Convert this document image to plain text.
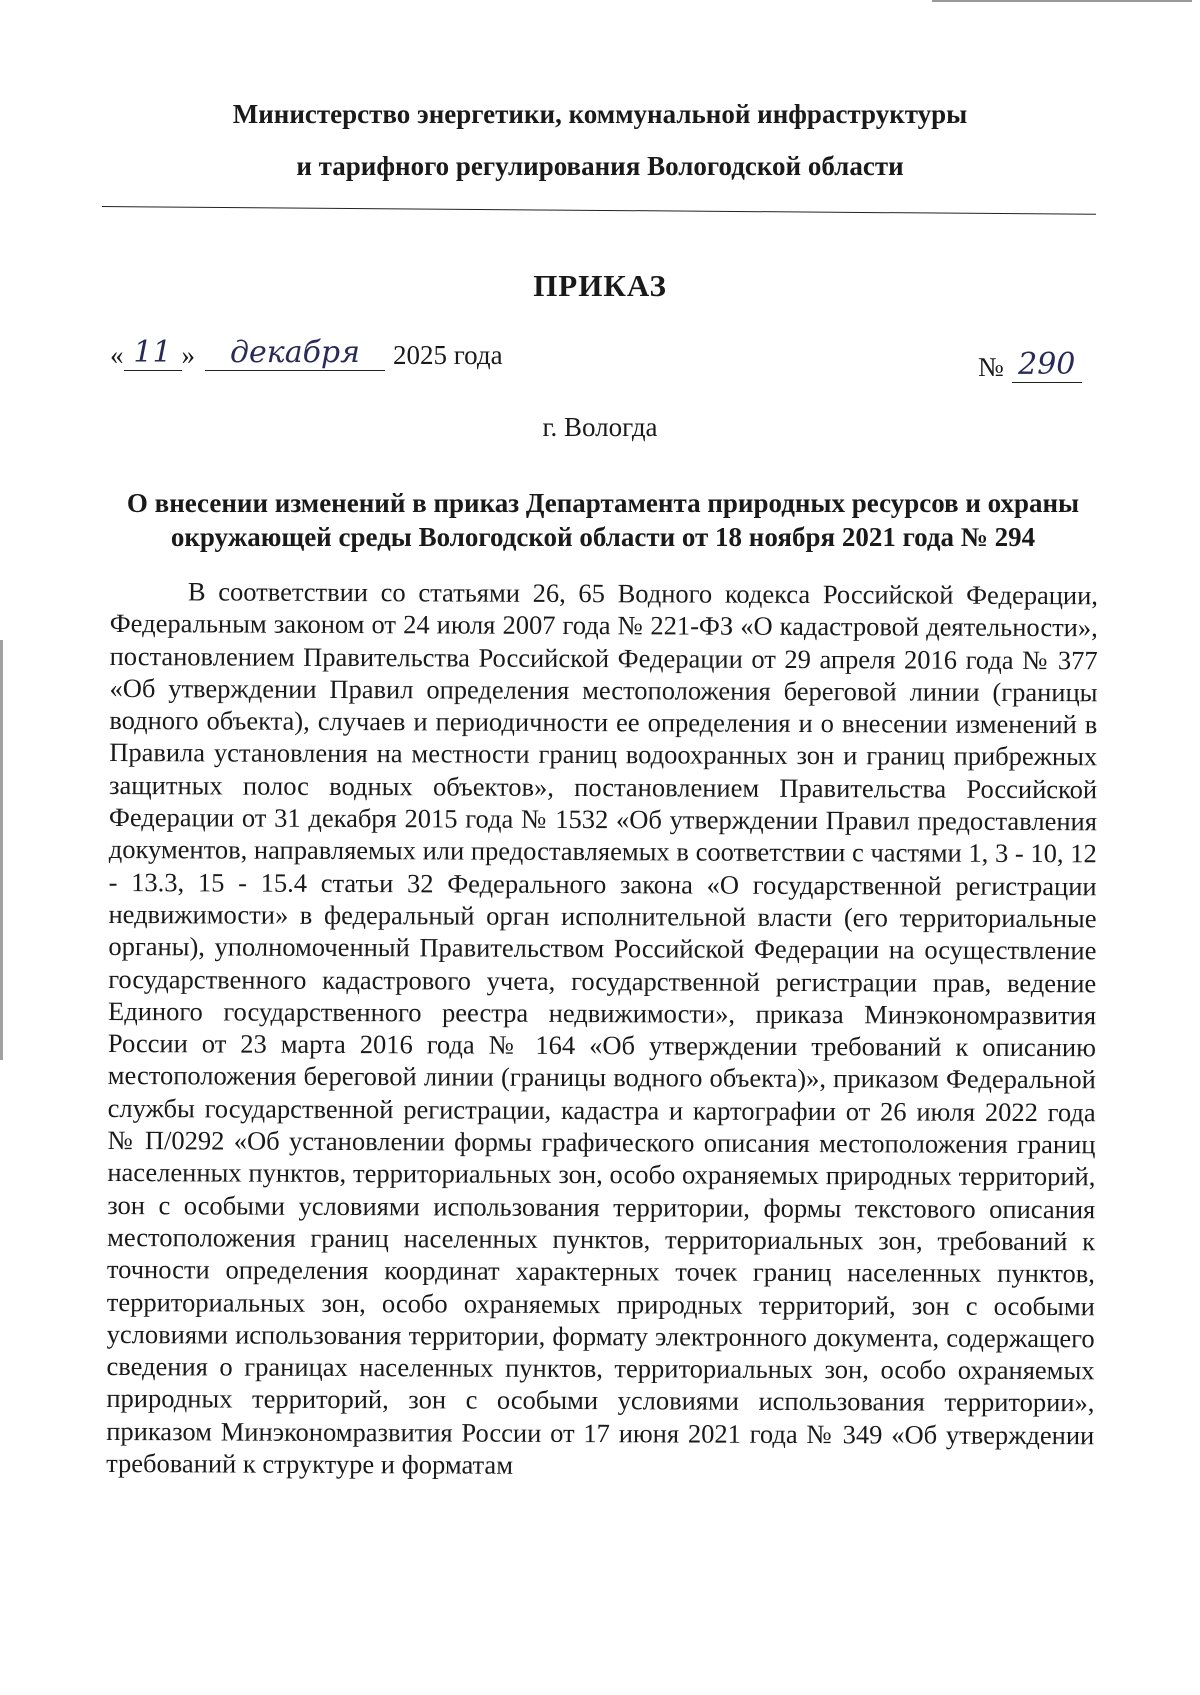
Министерство энергетики, коммунальной инфраструктуры
и тарифного регулирования Вологодской области
ПРИКАЗ
« 11 »	декабря	2025 года	№ 290
г. Вологда
О внесении изменений в приказ Департамента природных ресурсов и охраны окружающей среды Вологодской области от 18 ноября 2021 года № 294
В соответствии со статьями 26, 65 Водного кодекса Российской Федерации, Федеральным законом от 24 июля 2007 года № 221-ФЗ «О кадастровой деятельности», постановлением Правительства Российской Федерации от 29 апреля 2016 года № 377 «Об утверждении Правил определения местоположения береговой линии (границы водного объекта), случаев и периодичности ее определения и о внесении изменений в Правила установления на местности границ водоохранных зон и границ прибрежных защитных полос водных объектов», постановлением Правительства Российской Федерации от 31 декабря 2015 года № 1532 «Об утверждении Правил предоставления документов, направляемых или предоставляемых в соответствии с частями 1, 3 - 10, 12 - 13.3, 15 - 15.4 статьи 32 Федерального закона «О государственной регистрации недвижимости» в федеральный орган исполнительной власти (его территориальные органы), уполномоченный Правительством Российской Федерации на осуществление государственного кадастрового учета, государственной регистрации прав, ведение Единого государственного реестра недвижимости», приказа Минэкономразвития России от 23 марта 2016 года № 164 «Об утверждении требований к описанию местоположения береговой линии (границы водного объекта)», приказом Федеральной службы государственной регистрации, кадастра и картографии от 26 июля 2022 года № П/0292 «Об установлении формы графического описания местоположения границ населенных пунктов, территориальных зон, особо охраняемых природных территорий, зон с особыми условиями использования территории, формы текстового описания местоположения границ населенных пунктов, территориальных зон, требований к точности определения координат характерных точек границ населенных пунктов, территориальных зон, особо охраняемых природных территорий, зон с особыми условиями использования территории, формату электронного документа, содержащего сведения о границах населенных пунктов, территориальных зон, особо охраняемых природных территорий, зон с особыми условиями использования территории», приказом Минэкономразвития России от 17 июня 2021 года № 349 «Об утверждении требований к структуре и форматам
